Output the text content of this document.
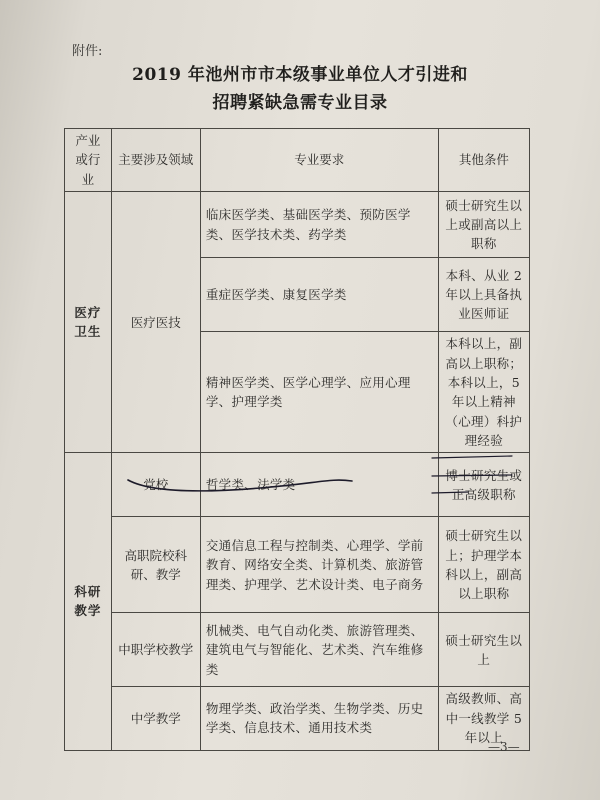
附件:
2019 年池州市市本级事业单位人才引进和
招聘紧缺急需专业目录
产业或行业	主要涉及领域	专业要求	其他条件
医疗卫生	医疗医技	临床医学类、基础医学类、预防医学类、医学技术类、药学类	硕士研究生以上或副高以上职称
		重症医学类、康复医学类	本科、从业 2 年以上具备执业医师证
		精神医学类、医学心理学、应用心理学、护理学类	本科以上，副高以上职称；本科以上，5 年以上精神（心理）科护理经验
科研教学	党校	哲学类、法学类	博士研究生或正高级职称
	高职院校科研、教学	交通信息工程与控制类、心理学、学前教育、网络安全类、计算机类、旅游管理类、护理学、艺术设计类、电子商务	硕士研究生以上；护理学本科以上，副高以上职称
	中职学校教学	机械类、电气自动化类、旅游管理类、建筑电气与智能化、艺术类、汽车维修类	硕士研究生以上
	中学教学	物理学类、政治学类、生物学类、历史学类、信息技术、通用技术类	高级教师、高中一线教学 5 年以上
—3—
